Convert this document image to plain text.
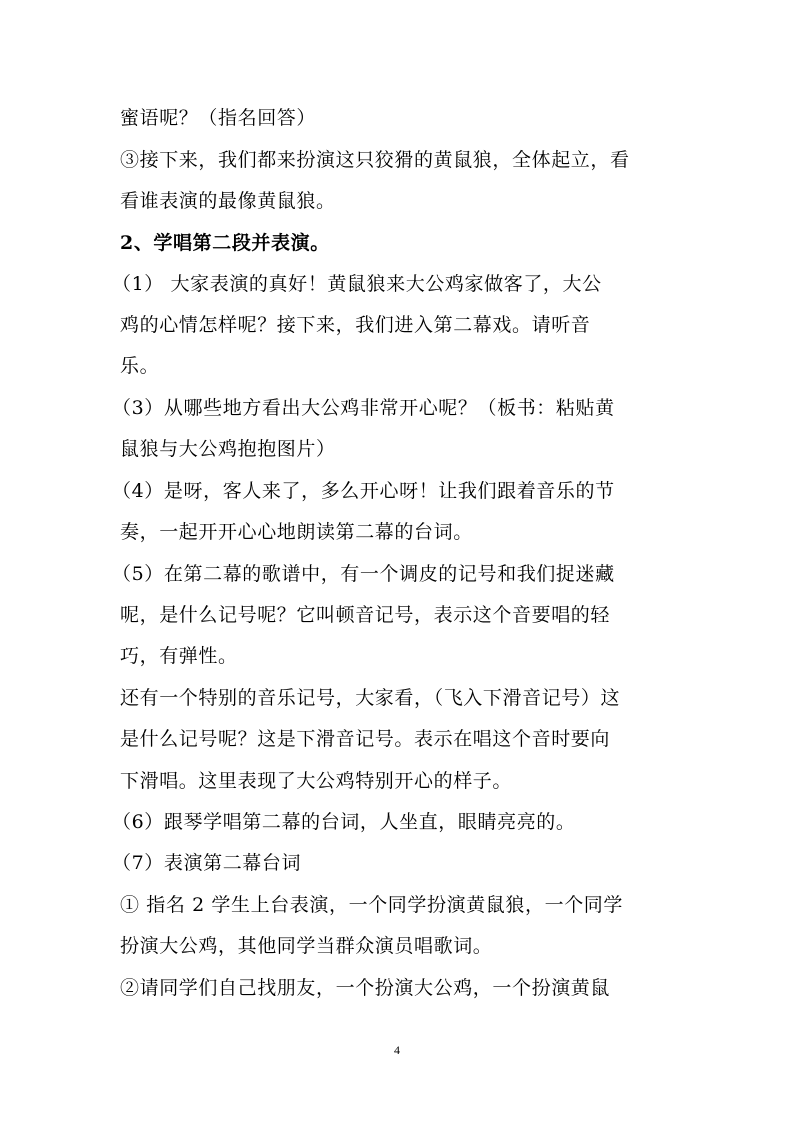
蜜语呢？（指名回答）
③接下来，我们都来扮演这只狡猾的黄鼠狼，全体起立，看
看谁表演的最像黄鼠狼。
2、学唱第二段并表演。
（1） 大家表演的真好！黄鼠狼来大公鸡家做客了，大公
鸡的心情怎样呢？接下来，我们进入第二幕戏。请听音
乐。
（3）从哪些地方看出大公鸡非常开心呢？（板书：粘贴黄
鼠狼与大公鸡抱抱图片）
（4）是呀，客人来了，多么开心呀！让我们跟着音乐的节
奏，一起开开心心地朗读第二幕的台词。
（5）在第二幕的歌谱中，有一个调皮的记号和我们捉迷藏
呢，是什么记号呢？它叫顿音记号，表示这个音要唱的轻
巧，有弹性。
还有一个特别的音乐记号，大家看，（飞入下滑音记号）这
是什么记号呢？这是下滑音记号。表示在唱这个音时要向
下滑唱。这里表现了大公鸡特别开心的样子。
（6）跟琴学唱第二幕的台词，人坐直，眼睛亮亮的。
（7）表演第二幕台词
① 指名 2 学生上台表演，一个同学扮演黄鼠狼，一个同学
扮演大公鸡，其他同学当群众演员唱歌词。
②请同学们自己找朋友，一个扮演大公鸡，一个扮演黄鼠
4
